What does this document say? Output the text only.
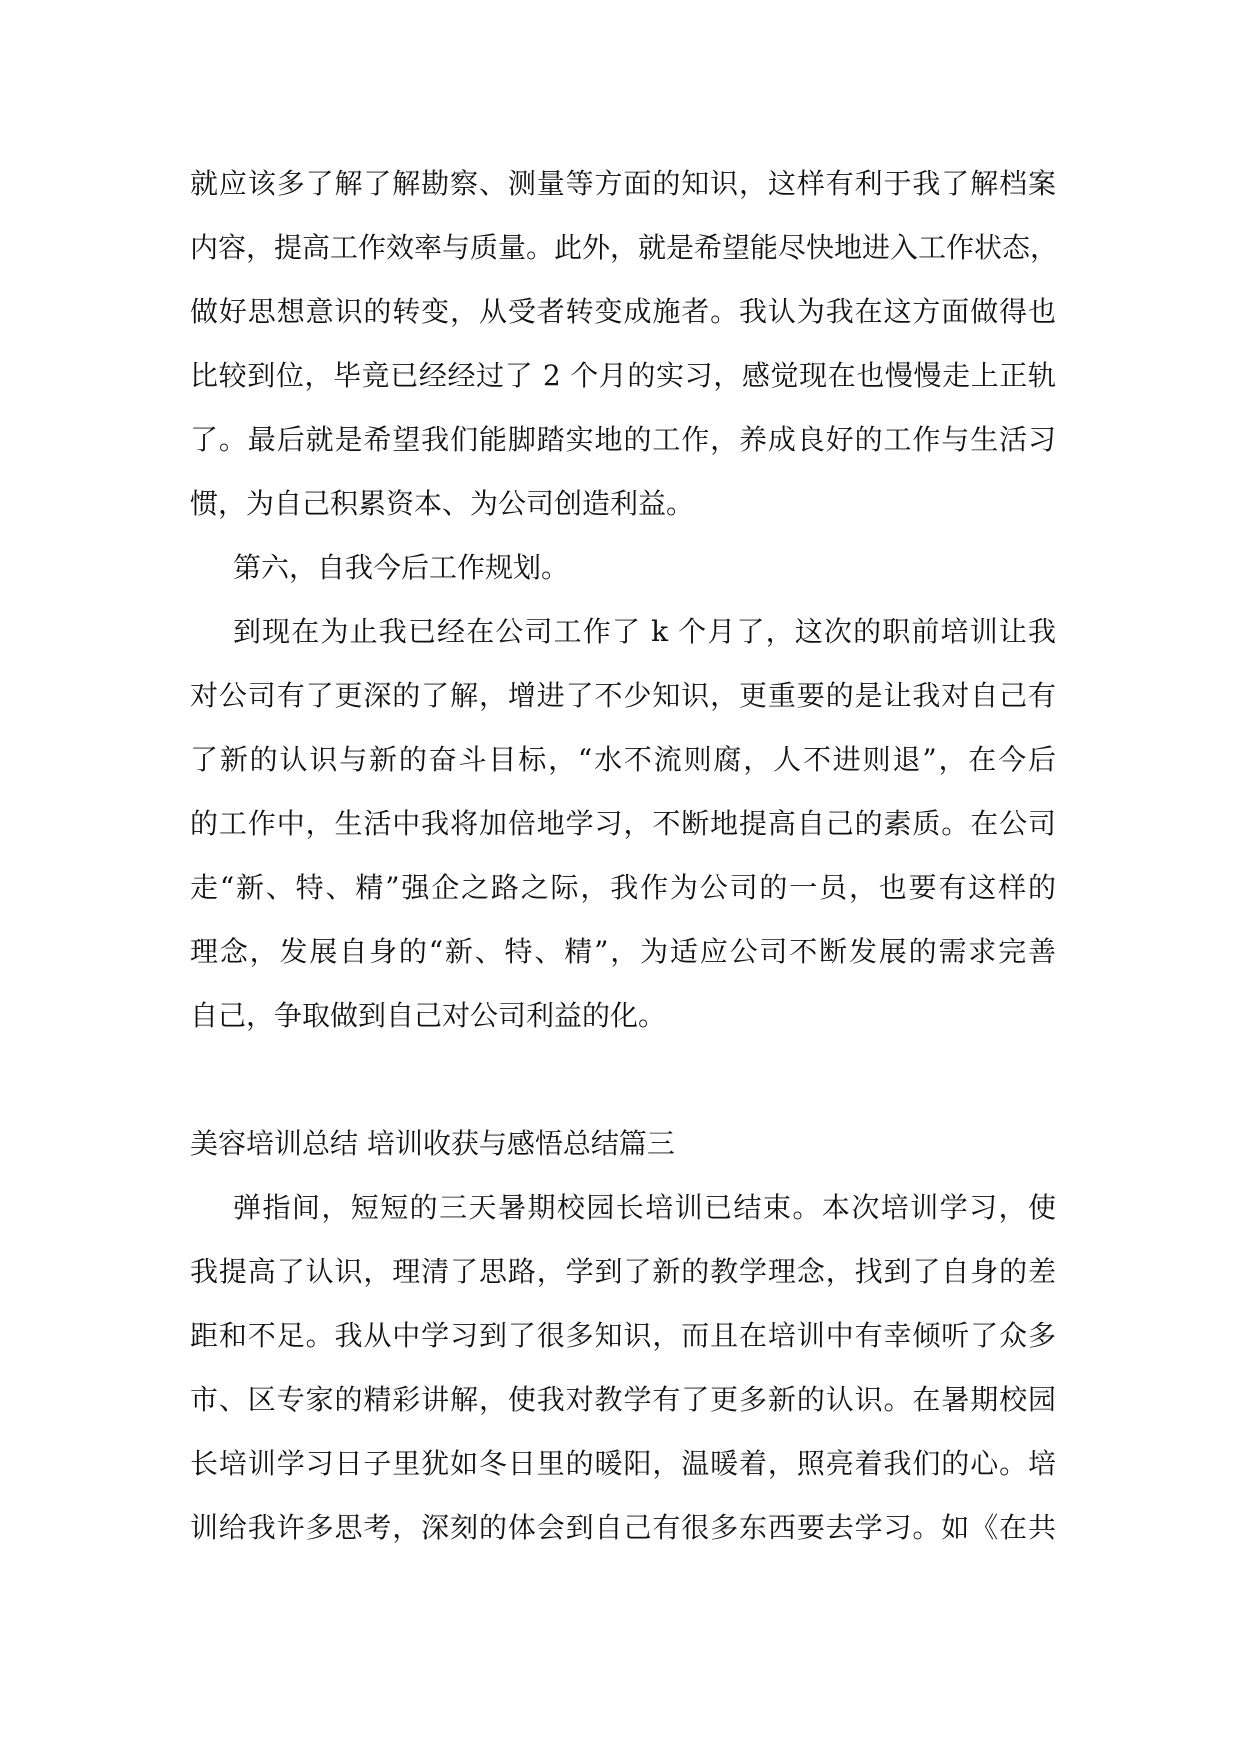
就应该多了解了解勘察、测量等方面的知识，这样有利于我了解档案
内容，提高工作效率与质量。此外，就是希望能尽快地进入工作状态，
做好思想意识的转变，从受者转变成施者。我认为我在这方面做得也
比较到位，毕竟已经经过了 2 个月的实习，感觉现在也慢慢走上正轨
了。最后就是希望我们能脚踏实地的工作，养成良好的工作与生活习
惯，为自己积累资本、为公司创造利益。
第六，自我今后工作规划。
到现在为止我已经在公司工作了 k 个月了，这次的职前培训让我
对公司有了更深的了解，增进了不少知识，更重要的是让我对自己有
了新的认识与新的奋斗目标，“水不流则腐，人不进则退”，在今后
的工作中，生活中我将加倍地学习，不断地提高自己的素质。在公司
走“新、特、精”强企之路之际，我作为公司的一员，也要有这样的
理念，发展自身的“新、特、精”，为适应公司不断发展的需求完善
自己，争取做到自己对公司利益的化。
美容培训总结 培训收获与感悟总结篇三
弹指间，短短的三天暑期校园长培训已结束。本次培训学习，使
我提高了认识，理清了思路，学到了新的教学理念，找到了自身的差
距和不足。我从中学习到了很多知识，而且在培训中有幸倾听了众多
市、区专家的精彩讲解，使我对教学有了更多新的认识。在暑期校园
长培训学习日子里犹如冬日里的暖阳，温暖着，照亮着我们的心。培
训给我许多思考，深刻的体会到自己有很多东西要去学习。如《在共
